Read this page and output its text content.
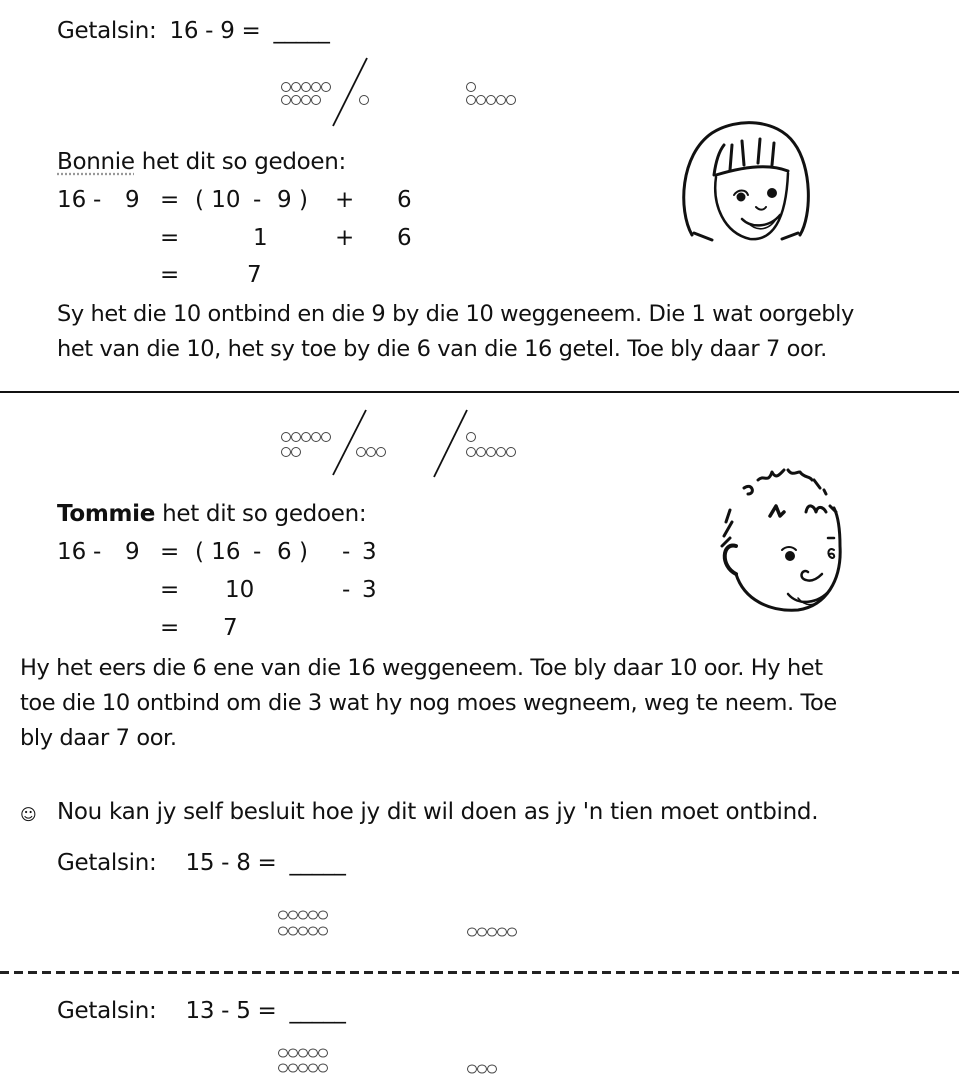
Getalsin: 16 - 9 = _____
Bonnie het dit so gedoen:
16 - 9 = ( 10 - 9 ) + 6
=	1	+ 6
=	7
Sy het die 10 ontbind en die 9 by die 10 weggeneem. Die 1 wat oorgebly
het van die 10, het sy toe by die 6 van die 16 getel. Toe bly daar 7 oor.
Tommie het dit so gedoen:
16 - 9 = ( 16 - 6 ) - 3
= 10	- 3
= 7
Hy het eers die 6 ene van die 16 weggeneem. Toe bly daar 10 oor. Hy het
toe die 10 ontbind om die 3 wat hy nog moes wegneem, weg te neem. Toe
bly daar 7 oor.
☺ Nou kan jy self besluit hoe jy dit wil doen as jy 'n tien moet ontbind.
Getalsin: 15 - 8 = _____
Getalsin: 13 - 5 = _____
